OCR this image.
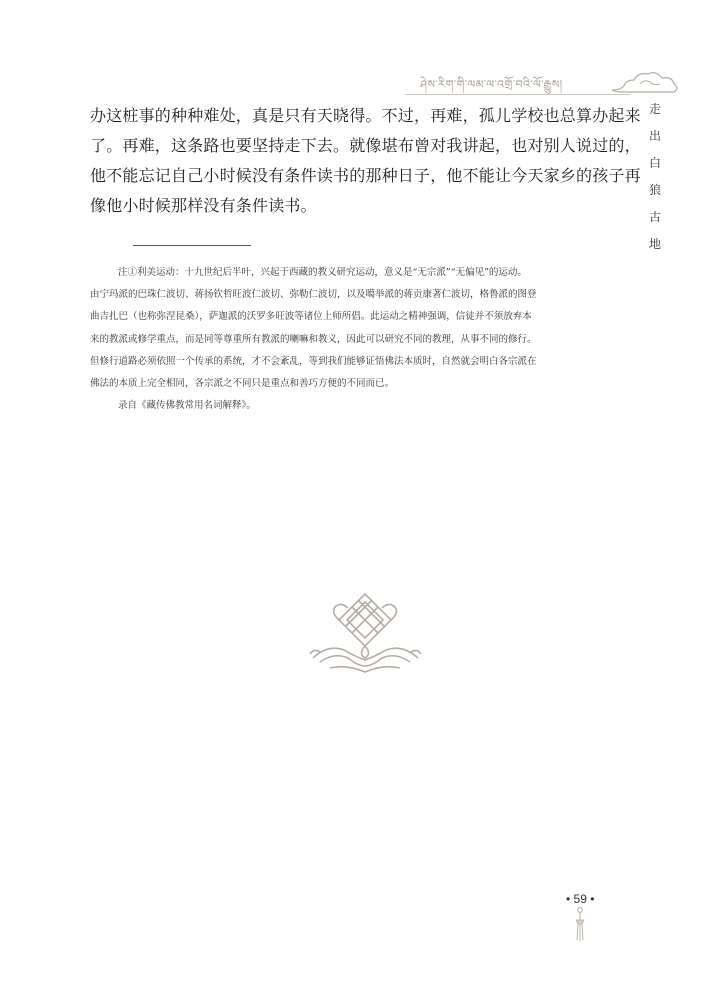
ཤེས་རིག་གི་ལམ་ལ་འགྲོ་བའི་ལོ་རྒྱུས།
走
出
白
狼
古
地
办这桩事的种种难处，真是只有天晓得。不过，再难，孤儿学校也总算办起来
了。再难，这条路也要坚持走下去。就像堪布曾对我讲起，也对别人说过的，
他不能忘记自己小时候没有条件读书的那种日子，他不能让今天家乡的孩子再
像他小时候那样没有条件读书。
注①利美运动：十九世纪后半叶，兴起于西藏的教义研究运动，意义是“无宗派”“无偏见”的运动。
由宁玛派的巴珠仁波切、蒋扬钦哲旺波仁波切、弥勒仁波切，以及噶举派的蒋贡康著仁波切，格鲁派的图登
曲吉扎巴（也称弥涅昆桑），萨迦派的沃罗多旺波等诸位上师所倡。此运动之精神强调，信徒并不须放弃本
来的教派或修学重点，而是同等尊重所有教派的喇嘛和教义，因此可以研究不同的教理，从事不同的修行。
但修行道路必须依照一个传承的系统，才不会紊乱，等到我们能够证悟佛法本质时，自然就会明白各宗派在
佛法的本质上完全相同，各宗派之不同只是重点和善巧方便的不同而已。
录自《藏传佛教常用名词解释》。
• 59 •
